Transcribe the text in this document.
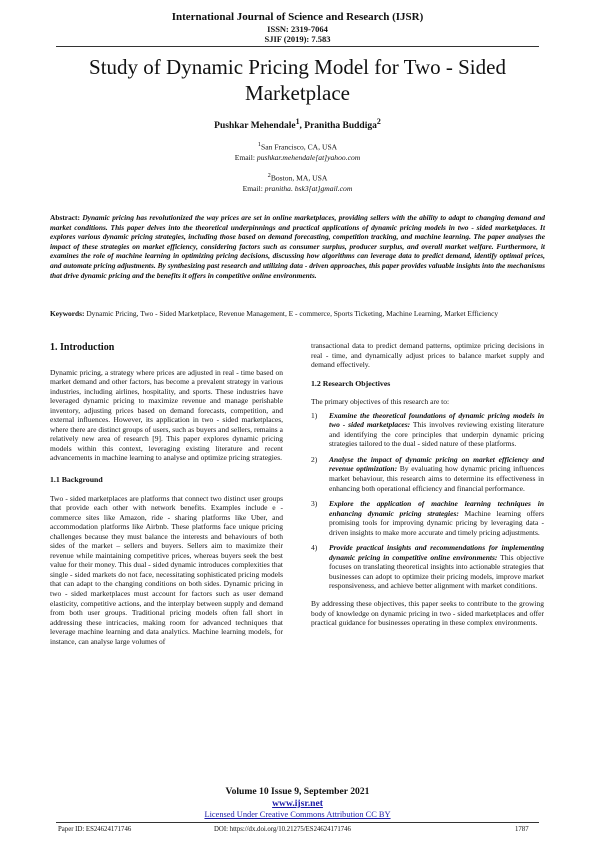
International Journal of Science and Research (IJSR)
ISSN: 2319-7064
SJIF (2019): 7.583
Study of Dynamic Pricing Model for Two - Sided Marketplace
Pushkar Mehendale$^1$, Pranitha Buddiga$^2$
$^1$San Francisco, CA, USA
Email: pushkar.mehendale[at]yahoo.com
$^2$Boston, MA, USA
Email: pranitha. bsk3[at]gmail.com
Abstract: Dynamic pricing has revolutionized the way prices are set in online marketplaces, providing sellers with the ability to adapt to changing demand and market conditions. This paper delves into the theoretical underpinnings and practical applications of dynamic pricing models in two - sided marketplaces. It explores various dynamic pricing strategies, including those based on demand forecasting, competition tracking, and machine learning. The paper analyses the impact of these strategies on market efficiency, considering factors such as consumer surplus, producer surplus, and overall market welfare. Furthermore, it examines the role of machine learning in optimizing pricing decisions, discussing how algorithms can leverage data to predict demand, identify optimal prices, and automate pricing adjustments. By synthesizing past research and utilizing data - driven approaches, this paper provides valuable insights into the mechanisms that drive dynamic pricing and the benefits it offers in competitive online environments.
Keywords: Dynamic Pricing, Two - Sided Marketplace, Revenue Management, E - commerce, Sports Ticketing, Machine Learning, Market Efficiency
1. Introduction

Dynamic pricing, a strategy where prices are adjusted in real - time based on market demand and other factors, has become a prevalent strategy in various industries, including airlines, hospitality, and sports. These industries have leveraged dynamic pricing to maximize revenue and manage perishable inventory, adjusting prices based on demand forecasts, competition, and external influences. However, its application in two - sided marketplaces, where there are distinct groups of users, such as buyers and sellers, remains a relatively new area of research [9]. This paper explores dynamic pricing models within this context, leveraging existing literature and recent advancements in machine learning to analyse and optimize pricing strategies.

1.1 Background

Two - sided marketplaces are platforms that connect two distinct user groups that provide each other with network benefits. Examples include e - commerce sites like Amazon, ride - sharing platforms like Uber, and accommodation platforms like Airbnb. These platforms face unique pricing challenges because they must balance the interests and behaviours of both sides of the market – sellers and buyers. Sellers aim to maximize their revenue while maintaining competitive prices, whereas buyers seek the best value for their money. This dual - sided dynamic introduces complexities that single - sided markets do not face, necessitating sophisticated pricing models that can adapt to the changing conditions on both sides. Dynamic pricing in two - sided marketplaces must account for factors such as user demand elasticity, competitive actions, and the interplay between supply and demand from both user groups. Traditional pricing models often fall short in addressing these intricacies, making room for advanced techniques that leverage machine learning and data analytics. Machine learning models, for instance, can analyse large volumes of

transactional data to predict demand patterns, optimize pricing decisions in real - time, and dynamically adjust prices to balance market supply and demand effectively.

1.2 Research Objectives

The primary objectives of this research are to:

1) Examine the theoretical foundations of dynamic pricing models in two - sided marketplaces: This involves reviewing existing literature and identifying the core principles that underpin dynamic pricing strategies tailored to the dual - sided nature of these platforms.
2) Analyse the impact of dynamic pricing on market efficiency and revenue optimization: By evaluating how dynamic pricing influences market behaviour, this research aims to determine its effectiveness in enhancing both operational efficiency and financial performance.
3) Explore the application of machine learning techniques in enhancing dynamic pricing strategies: Machine learning offers promising tools for improving dynamic pricing by leveraging data - driven insights to make more accurate and timely pricing adjustments.
4) Provide practical insights and recommendations for implementing dynamic pricing in competitive online environments: This objective focuses on translating theoretical insights into actionable strategies that businesses can adopt to optimize their pricing models, improve market responsiveness, and achieve better alignment with market conditions.

By addressing these objectives, this paper seeks to contribute to the growing body of knowledge on dynamic pricing in two - sided marketplaces and offer practical guidance for businesses operating in these complex environments.

Volume 10 Issue 9, September 2021
www.ijsr.net
Licensed Under Creative Commons Attribution CC BY
Paper ID: ES24624171746	DOI: https://dx.doi.org/10.21275/ES24624171746	1787
